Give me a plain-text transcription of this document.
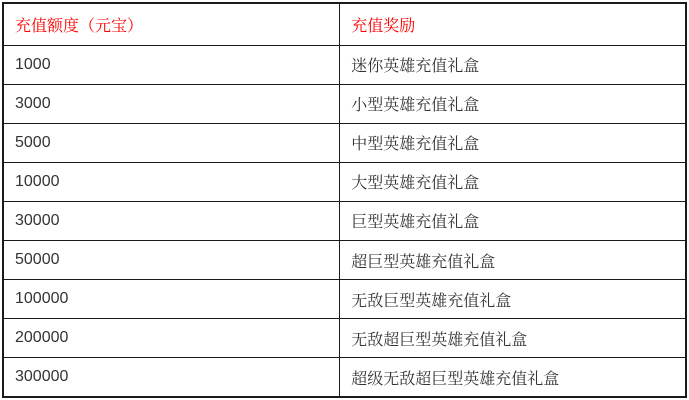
充值额度（元宝）	充值奖励
1000	迷你英雄充值礼盒
3000	小型英雄充值礼盒
5000	中型英雄充值礼盒
10000	大型英雄充值礼盒
30000	巨型英雄充值礼盒
50000	超巨型英雄充值礼盒
100000	无敌巨型英雄充值礼盒
200000	无敌超巨型英雄充值礼盒
300000	超级无敌超巨型英雄充值礼盒
